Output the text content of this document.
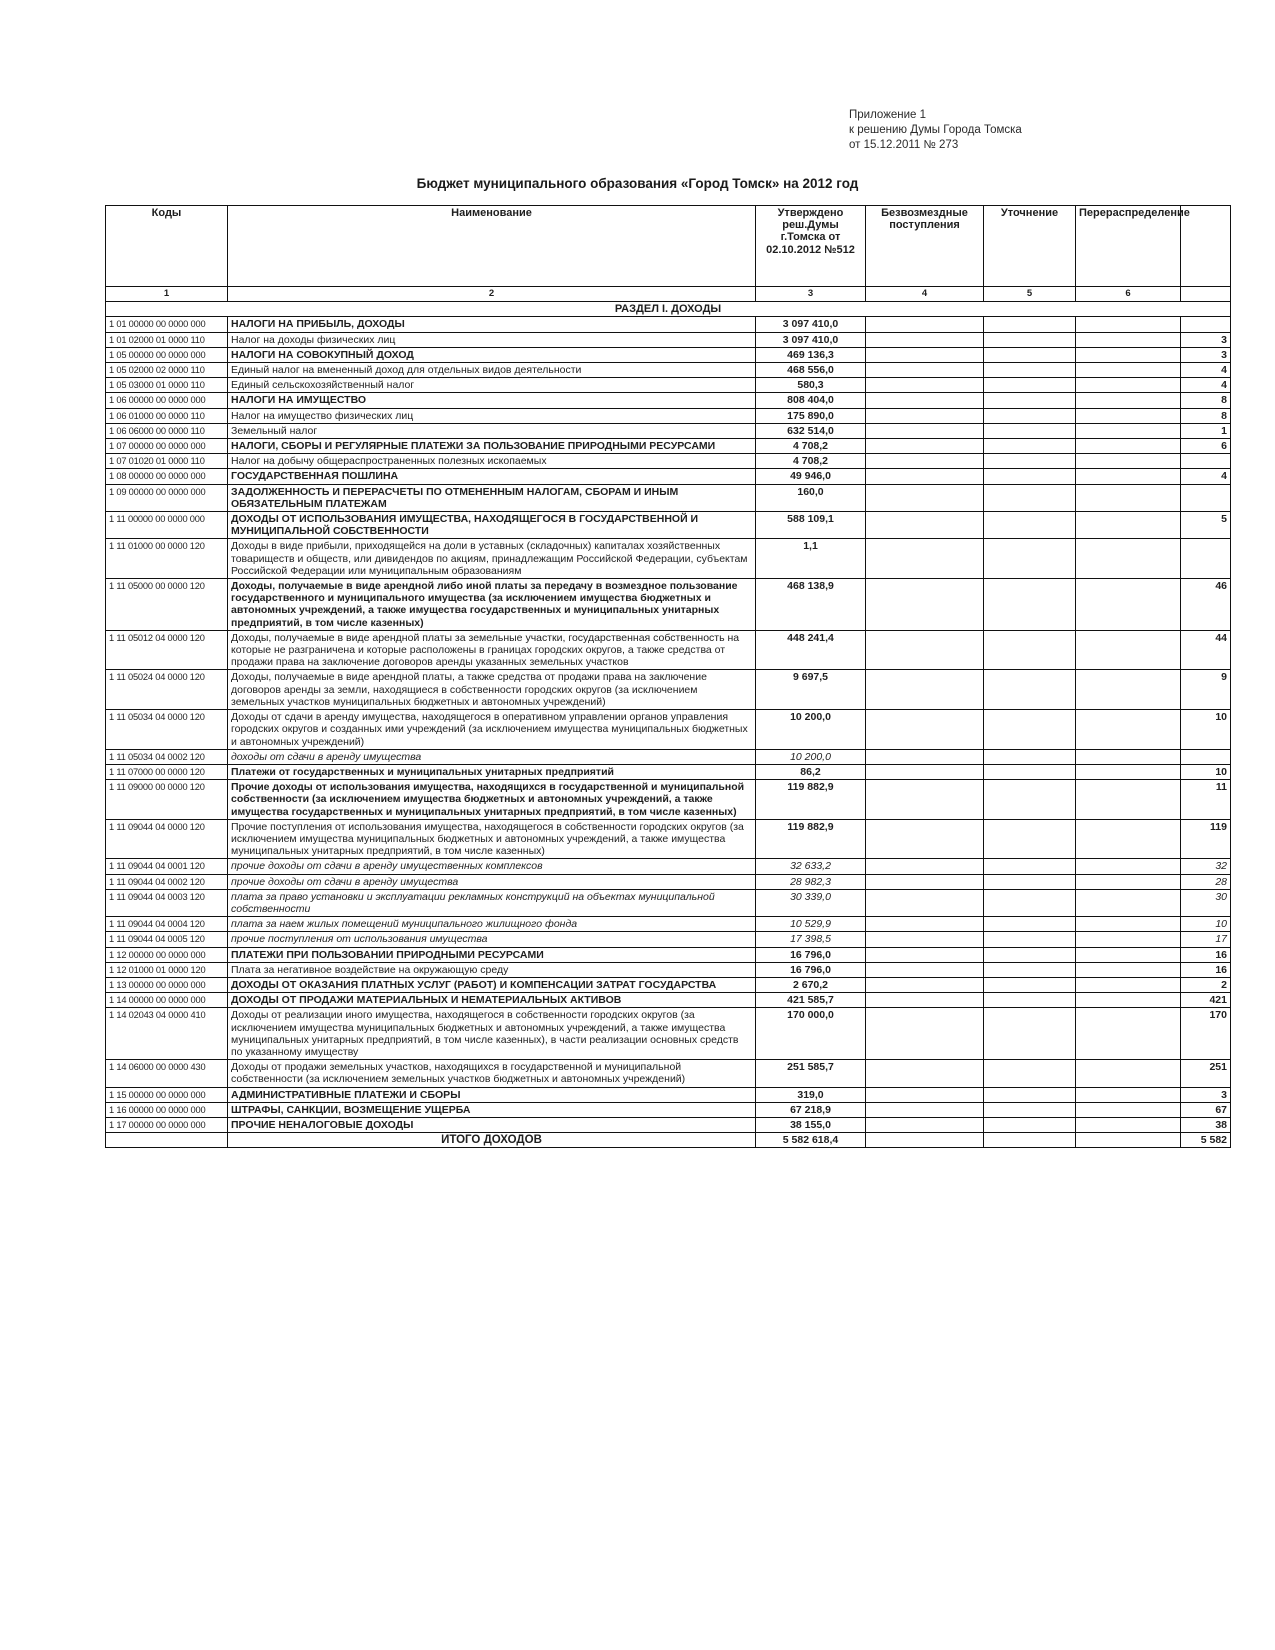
Приложение 1
к решению Думы Города Томска
от 15.12.2011 № 273
Бюджет муниципального образования «Город Томск» на 2012 год
Коды	Наименование	Утверждено реш.Думы г.Томска от 02.10.2012 №512	Безвозмездные поступления	Уточнение	Перераспределение	
1	2	3	4	5	6	
РАЗДЕЛ I. ДОХОДЫ						
1 01 00000 00 0000 000	НАЛОГИ НА ПРИБЫЛЬ, ДОХОДЫ	3 097 410,0				
1 01 02000 01 0000 110	Налог на доходы физических лиц	3 097 410,0				3
1 05 00000 00 0000 000	НАЛОГИ НА СОВОКУПНЫЙ ДОХОД	469 136,3				3
1 05 02000 02 0000 110	Единый налог на вмененный доход для отдельных видов деятельности	468 556,0				4
1 05 03000 01 0000 110	Единый сельскохозяйственный налог	580,3				4
1 06 00000 00 0000 000	НАЛОГИ НА ИМУЩЕСТВО	808 404,0				8
1 06 01000 00 0000 110	Налог на имущество физических лиц	175 890,0				8
1 06 06000 00 0000 110	Земельный налог	632 514,0				1
1 07 00000 00 0000 000	НАЛОГИ, СБОРЫ И РЕГУЛЯРНЫЕ ПЛАТЕЖИ ЗА ПОЛЬЗОВАНИЕ ПРИРОДНЫМИ РЕСУРСАМИ	4 708,2				6
1 07 01020 01 0000 110	Налог на добычу общераспространенных полезных ископаемых	4 708,2				
1 08 00000 00 0000 000	ГОСУДАРСТВЕННАЯ ПОШЛИНА	49 946,0				4
1 09 00000 00 0000 000	ЗАДОЛЖЕННОСТЬ И ПЕРЕРАСЧЕТЫ ПО ОТМЕНЕННЫМ НАЛОГАМ, СБОРАМ И ИНЫМ ОБЯЗАТЕЛЬНЫМ ПЛАТЕЖАМ	160,0				
1 11 00000 00 0000 000	ДОХОДЫ ОТ ИСПОЛЬЗОВАНИЯ ИМУЩЕСТВА, НАХОДЯЩЕГОСЯ В ГОСУДАРСТВЕННОЙ И МУНИЦИПАЛЬНОЙ СОБСТВЕННОСТИ	588 109,1				5
1 11 01000 00 0000 120	Доходы в виде прибыли, приходящейся на доли в уставных (складочных) капиталах хозяйственных товариществ и обществ, или дивидендов по акциям, принадлежащим Российской Федерации, субъектам Российской Федерации или муниципальным образованиям	1,1				
1 11 05000 00 0000 120	Доходы, получаемые в виде арендной либо иной платы за передачу в возмездное пользование государственного и муниципального имущества (за исключением имущества бюджетных и автономных учреждений, а также имущества государственных и муниципальных унитарных предприятий, в том числе казенных)	468 138,9				46
1 11 05012 04 0000 120	Доходы, получаемые в виде арендной платы за земельные участки, государственная собственность на которые не разграничена и которые расположены в границах городских округов, а также средства от продажи права на заключение договоров аренды указанных земельных участков	448 241,4				44
1 11 05024 04 0000 120	Доходы, получаемые в виде арендной платы, а также средства от продажи права на заключение договоров аренды за земли, находящиеся в собственности городских округов (за исключением земельных участков муниципальных бюджетных и автономных учреждений)	9 697,5				9
1 11 05034 04 0000 120	Доходы от сдачи в аренду имущества, находящегося в оперативном управлении органов управления городских округов и созданных ими учреждений (за исключением имущества муниципальных бюджетных и автономных учреждений)	10 200,0				10
1 11 05034 04 0002 120	доходы от сдачи в аренду имущества	10 200,0				
1 11 07000 00 0000 120	Платежи от государственных и муниципальных унитарных предприятий	86,2				10
1 11 09000 00 0000 120	Прочие доходы от использования имущества, находящихся в государственной и муниципальной собственности (за исключением имущества бюджетных и автономных учреждений, а также имущества государственных и муниципальных унитарных предприятий, в том числе казенных)	119 882,9				11
1 11 09044 04 0000 120	Прочие поступления от использования имущества, находящегося в собственности городских округов (за исключением имущества муниципальных бюджетных и автономных учреждений, а также имущества муниципальных унитарных предприятий, в том числе казенных)	119 882,9				119
1 11 09044 04 0001 120	прочие доходы от сдачи в аренду имущественных комплексов	32 633,2				32
1 11 09044 04 0002 120	прочие доходы от сдачи в аренду имущества	28 982,3				28
1 11 09044 04 0003 120	плата за право установки и эксплуатации рекламных конструкций на объектах муниципальной собственности	30 339,0				30
1 11 09044 04 0004 120	плата за наем жилых помещений муниципального жилищного фонда	10 529,9				10
1 11 09044 04 0005 120	прочие поступления от использования имущества	17 398,5				17
1 12 00000 00 0000 000	ПЛАТЕЖИ ПРИ ПОЛЬЗОВАНИИ ПРИРОДНЫМИ РЕСУРСАМИ	16 796,0				16
1 12 01000 01 0000 120	Плата за негативное воздействие на окружающую среду	16 796,0				16
1 13 00000 00 0000 000	ДОХОДЫ ОТ ОКАЗАНИЯ ПЛАТНЫХ УСЛУГ (РАБОТ) И КОМПЕНСАЦИИ ЗАТРАТ ГОСУДАРСТВА	2 670,2				2
1 14 00000 00 0000 000	ДОХОДЫ ОТ ПРОДАЖИ МАТЕРИАЛЬНЫХ И НЕМАТЕРИАЛЬНЫХ АКТИВОВ	421 585,7				421
1 14 02043 04 0000 410	Доходы от реализации иного имущества, находящегося в собственности городских округов (за исключением имущества муниципальных бюджетных и автономных учреждений, а также имущества муниципальных унитарных предприятий, в том числе казенных), в части реализации основных средств по указанному имуществу	170 000,0				170
1 14 06000 00 0000 430	Доходы от продажи земельных участков, находящихся в государственной и муниципальной собственности (за исключением земельных участков бюджетных и автономных учреждений)	251 585,7				251
1 15 00000 00 0000 000	АДМИНИСТРАТИВНЫЕ ПЛАТЕЖИ И СБОРЫ	319,0				3
1 16 00000 00 0000 000	ШТРАФЫ, САНКЦИИ, ВОЗМЕЩЕНИЕ УЩЕРБА	67 218,9				67
1 17 00000 00 0000 000	ПРОЧИЕ НЕНАЛОГОВЫЕ ДОХОДЫ	38 155,0				38
	ИТОГО ДОХОДОВ	5 582 618,4				5 582
